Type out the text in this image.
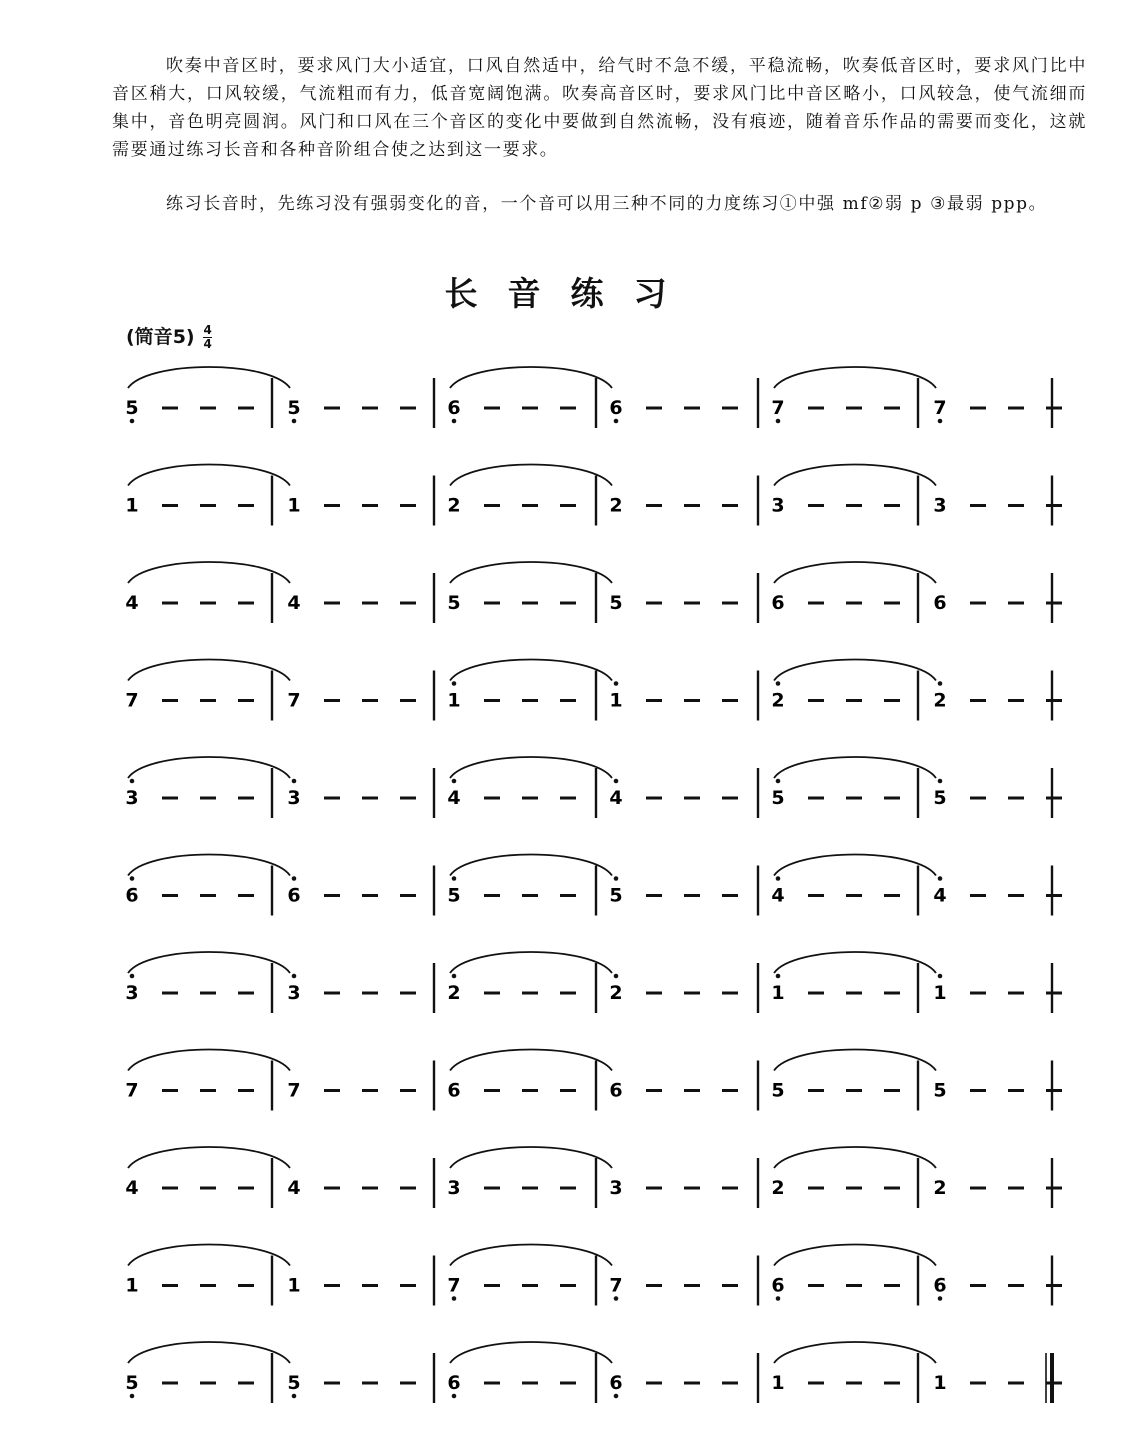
吹奏中音区时，要求风门大小适宜，口风自然适中，给气时不急不缓，平稳流畅，吹奏低音区时，要求风门比中音区稍大，口风较缓，气流粗而有力，低音宽阔饱满。吹奏高音区时，要求风门比中音区略小，口风较急，使气流细而集中，音色明亮圆润。风门和口风在三个音区的变化中要做到自然流畅，没有痕迹，随着音乐作品的需要而变化，这就需要通过练习长音和各种音阶组合使之达到这一要求。
练习长音时，先练习没有强弱变化的音，一个音可以用三种不同的力度练习①中强 mf②弱 p ③最弱 ppp。
长音练习
(筒音$5) \frac{4}{4}$
5	5	6	6	7	7
1	1	2	2	3	3
4	4	5	5	6	6
7	7	1	1	2	2
3	3	4	4	5	5
6	6	5	5	4	4
3	3	2	2	1	1
7	7	6	6	5	5
4	4	3	3	2	2
1	1	7	7	6	6
5	5	6	6	1	1
